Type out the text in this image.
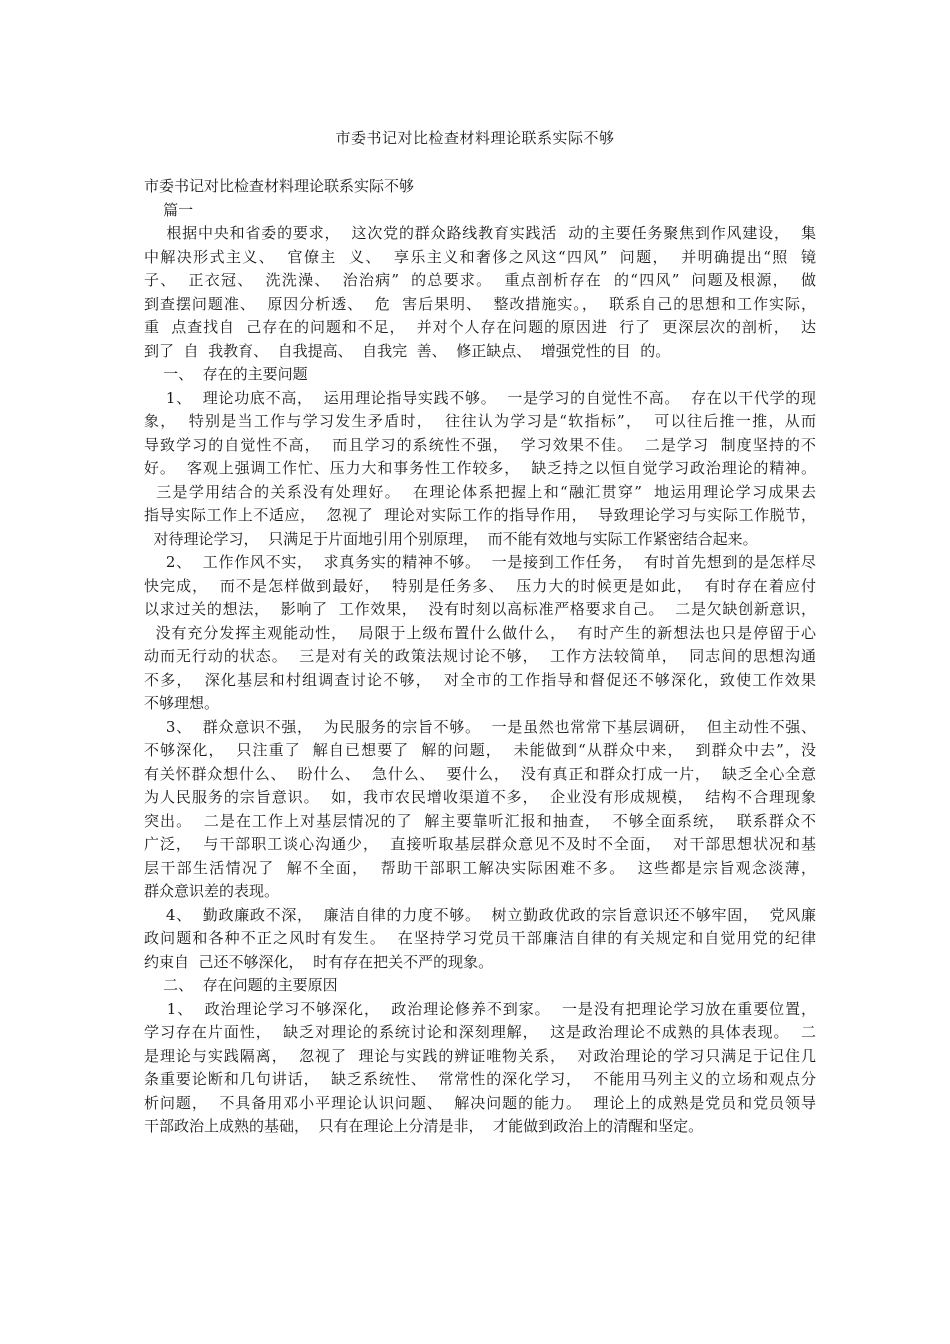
市委书记对比检查材料理论联系实际不够
市委书记对比检查材料理论联系实际不够
篇一
根据中央和省委的要求，  这次党的群众路线教育实践活  动的主要任务聚焦到作风建设，  集
中解决形式主义、  官僚主  义、  享乐主义和奢侈之风这“四风”  问题，  并明确提出“照  镜
子、  正衣冠、  洗洗澡、  治治病”  的总要求。  重点剖析存在  的“四风”  问题及根源，  做
到查摆问题准、  原因分析透、  危  害后果明、  整改措施实。，  联系自己的思想和工作实际，
重  点查找自  己存在的问题和不足，  并对个人存在问题的原因进  行了  更深层次的剖析，  达
到了  自  我教育、  自我提高、  自我完  善、  修正缺点、  增强党性的目  的。
一、  存在的主要问题
1、  理论功底不高，  运用理论指导实践不够。  一是学习的自觉性不高。  存在以干代学的现
象，  特别是当工作与学习发生矛盾时，  往往认为学习是“软指标”，  可以往后推一推，从而
导致学习的自觉性不高，  而且学习的系统性不强，  学习效果不佳。  二是学习  制度坚持的不
好。  客观上强调工作忙、压力大和事务性工作较多，  缺乏持之以恒自觉学习政治理论的精神。
三是学用结合的关系没有处理好。  在理论体系把握上和“融汇贯穿”  地运用理论学习成果去
指导实际工作上不适应，  忽视了  理论对实际工作的指导作用，  导致理论学习与实际工作脱节，
对待理论学习，  只满足于片面地引用个别原理，  而不能有效地与实际工作紧密结合起来。
2、  工作作风不实，  求真务实的精神不够。  一是接到工作任务，  有时首先想到的是怎样尽
快完成，  而不是怎样做到最好，  特别是任务多、  压力大的时候更是如此，  有时存在着应付
以求过关的想法，  影响了  工作效果，  没有时刻以高标准严格要求自己。  二是欠缺创新意识，
没有充分发挥主观能动性，  局限于上级布置什么做什么，  有时产生的新想法也只是停留于心
动而无行动的状态。  三是对有关的政策法规讨论不够，  工作方法较简单，  同志间的思想沟通
不多，  深化基层和村组调查讨论不够，  对全市的工作指导和督促还不够深化，致使工作效果
不够理想。
3、  群众意识不强，  为民服务的宗旨不够。  一是虽然也常常下基层调研，  但主动性不强、
不够深化，  只注重了  解自已想要了  解的问题，  未能做到“从群众中来，  到群众中去”，没
有关怀群众想什么、  盼什么、  急什么、  要什么，  没有真正和群众打成一片，  缺乏全心全意
为人民服务的宗旨意识。  如，我市农民增收渠道不多，  企业没有形成规模，  结构不合理现象
突出。  二是在工作上对基层情况的了  解主要靠听汇报和抽查，  不够全面系统，  联系群众不
广泛，  与干部职工谈心沟通少，  直接听取基层群众意见不及时不全面，  对干部思想状况和基
层干部生活情况了  解不全面，  帮助干部职工解决实际困难不多。  这些都是宗旨观念淡薄，
群众意识差的表现。
4、  勤政廉政不深，  廉洁自律的力度不够。  树立勤政优政的宗旨意识还不够牢固，  党风廉
政问题和各种不正之风时有发生。  在坚持学习党员干部廉洁自律的有关规定和自觉用党的纪律
约束自  己还不够深化，  时有存在把关不严的现象。
二、  存在问题的主要原因
1、  政治理论学习不够深化，  政治理论修养不到家。  一是没有把理论学习放在重要位置，
学习存在片面性，  缺乏对理论的系统讨论和深刻理解，  这是政治理论不成熟的具体表现。  二
是理论与实践隔离，  忽视了  理论与实践的辨证唯物关系，  对政治理论的学习只满足于记住几
条重要论断和几句讲话，  缺乏系统性、  常常性的深化学习，  不能用马列主义的立场和观点分
析问题，  不具备用邓小平理论认识问题、  解决问题的能力。  理论上的成熟是党员和党员领导
干部政治上成熟的基础，  只有在理论上分清是非，  才能做到政治上的清醒和坚定。
